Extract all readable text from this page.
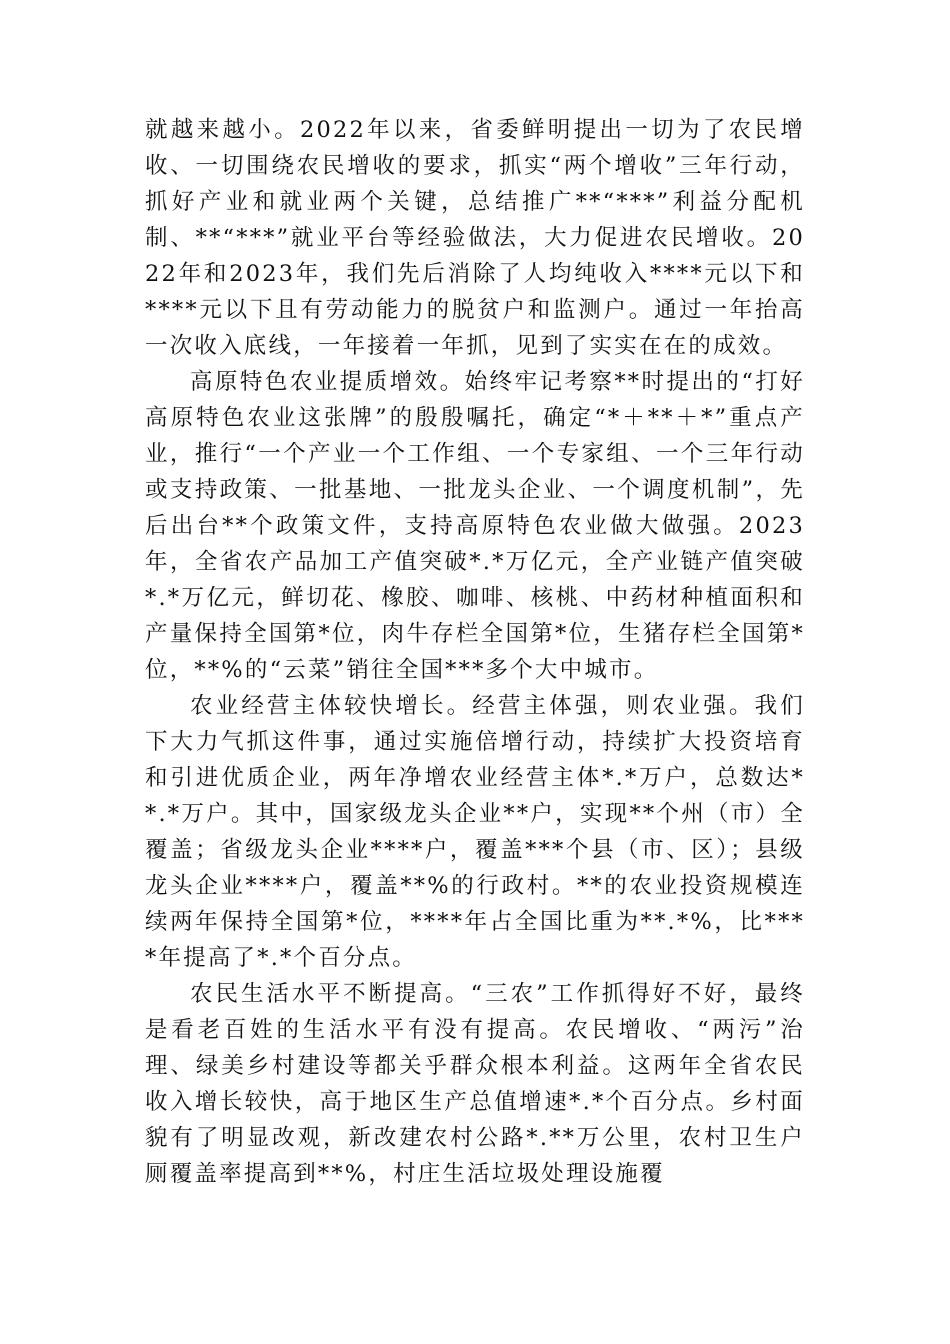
就越来越小。2022年以来，省委鲜明提出一切为了农民增收、一切围绕农民增收的要求，抓实“两个增收”三年行动，抓好产业和就业两个关键，总结推广**“***”利益分配机制、**“***”就业平台等经验做法，大力促进农民增收。2022年和2023年，我们先后消除了人均纯收入****元以下和****元以下且有劳动能力的脱贫户和监测户。通过一年抬高一次收入底线，一年接着一年抓，见到了实实在在的成效。

高原特色农业提质增效。始终牢记考察**时提出的“打好高原特色农业这张牌”的殷殷嘱托，确定“*＋**＋*”重点产业，推行“一个产业一个工作组、一个专家组、一个三年行动或支持政策、一批基地、一批龙头企业、一个调度机制”，先后出台**个政策文件，支持高原特色农业做大做强。2023年，全省农产品加工产值突破*.*万亿元，全产业链产值突破*.*万亿元，鲜切花、橡胶、咖啡、核桃、中药材种植面积和产量保持全国第*位，肉牛存栏全国第*位，生猪存栏全国第*位，**%的“云菜”销往全国***多个大中城市。

农业经营主体较快增长。经营主体强，则农业强。我们下大力气抓这件事，通过实施倍增行动，持续扩大投资培育和引进优质企业，两年净增农业经营主体*.*万户，总数达**.*万户。其中，国家级龙头企业**户，实现**个州（市）全覆盖；省级龙头企业****户，覆盖***个县（市、区）；县级龙头企业****户，覆盖**%的行政村。**的农业投资规模连续两年保持全国第*位，****年占全国比重为**.*%，比****年提高了*.*个百分点。

农民生活水平不断提高。“三农”工作抓得好不好，最终是看老百姓的生活水平有没有提高。农民增收、“两污”治理、绿美乡村建设等都关乎群众根本利益。这两年全省农民收入增长较快，高于地区生产总值增速*.*个百分点。乡村面貌有了明显改观，新改建农村公路*.**万公里，农村卫生户厕覆盖率提高到**%，村庄生活垃圾处理设施覆
